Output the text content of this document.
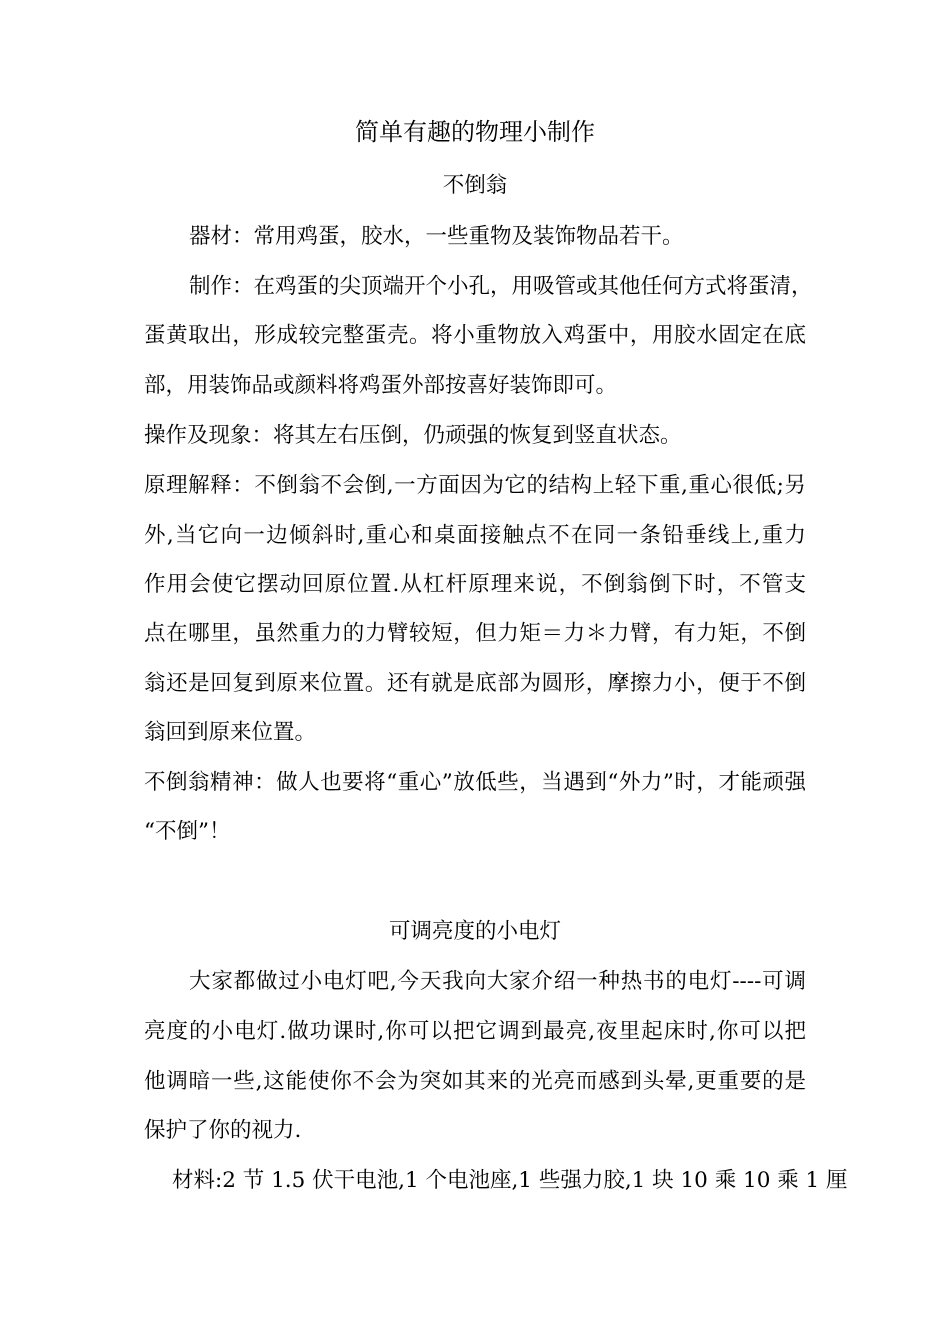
简单有趣的物理小制作
不倒翁
器材：常用鸡蛋，胶水，一些重物及装饰物品若干。
制作：在鸡蛋的尖顶端开个小孔，用吸管或其他任何方式将蛋清，
蛋黄取出，形成较完整蛋壳。将小重物放入鸡蛋中，用胶水固定在底
部，用装饰品或颜料将鸡蛋外部按喜好装饰即可。
操作及现象：将其左右压倒，仍顽强的恢复到竖直状态。
原理解释：不倒翁不会倒,一方面因为它的结构上轻下重,重心很低;另
外,当它向一边倾斜时,重心和桌面接触点不在同一条铅垂线上,重力
作用会使它摆动回原位置.从杠杆原理来说，不倒翁倒下时，不管支
点在哪里，虽然重力的力臂较短，但力矩＝力＊力臂，有力矩，不倒
翁还是回复到原来位置。还有就是底部为圆形，摩擦力小，便于不倒
翁回到原来位置。
不倒翁精神：做人也要将“重心”放低些，当遇到“外力”时，才能顽强
“不倒”！
可调亮度的小电灯
大家都做过小电灯吧,今天我向大家介绍一种热书的电灯----可调
亮度的小电灯.做功课时,你可以把它调到最亮,夜里起床时,你可以把
他调暗一些,这能使你不会为突如其来的光亮而感到头晕,更重要的是
保护了你的视力.
材料:2 节 1.5 伏干电池,1 个电池座,1 些强力胶,1 块 10 乘 10 乘 1 厘
